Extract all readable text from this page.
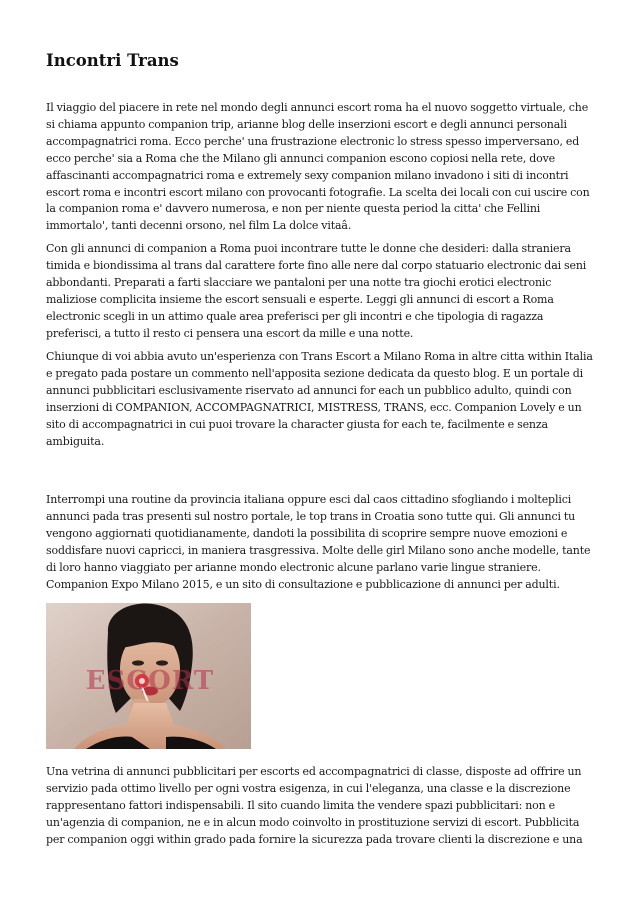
Incontri Trans

Il viaggio del piacere in rete nel mondo degli annunci escort roma ha el nuovo soggetto virtuale, che si chiama appunto companion trip, arianne blog delle inserzioni escort e degli annunci personali accompagnatrici roma. Ecco perche' una frustrazione electronic lo stress spesso imperversano, ed ecco perche' sia a Roma che the Milano gli annunci companion escono copiosi nella rete, dove affascinanti accompagnatrici roma e extremely sexy companion milano invadono i siti di incontri escort roma e incontri escort milano con provocanti fotografie. La scelta dei locali con cui uscire con la companion roma e' davvero numerosa, e non per niente questa period la citta' che Fellini immortalo', tanti decenni orsono, nel film La dolce vitaâ.

Con gli annunci di companion a Roma puoi incontrare tutte le donne che desideri: dalla straniera timida e biondissima al trans dal carattere forte fino alle nere dal corpo statuario electronic dai seni abbondanti. Preparati a farti slacciare we pantaloni per una notte tra giochi erotici electronic maliziose complicita insieme the escort sensuali e esperte. Leggi gli annunci di escort a Roma electronic scegli in un attimo quale area preferisci per gli incontri e che tipologia di ragazza preferisci, a tutto il resto ci pensera una escort da mille e una notte.

Chiunque di voi abbia avuto un'esperienza con Trans Escort a Milano Roma in altre citta within Italia e pregato pada postare un commento nell'apposita sezione dedicata da questo blog. E un portale di annunci pubblicitari esclusivamente riservato ad annunci for each un pubblico adulto, quindi con inserzioni di COMPANION, ACCOMPAGNATRICI, MISTRESS, TRANS, ecc. Companion Lovely e un sito di accompagnatrici in cui puoi trovare la character giusta for each te, facilmente e senza ambiguita.

Interrompi una routine da provincia italiana oppure esci dal caos cittadino sfogliando i molteplici annunci pada tras presenti sul nostro portale, le top trans in Croatia sono tutte qui. Gli annunci tu vengono aggiornati quotidianamente, dandoti la possibilita di scoprire sempre nuove emozioni e soddisfare nuovi capricci, in maniera trasgressiva. Molte delle girl Milano sono anche modelle, tante di loro hanno viaggiato per arianne mondo electronic alcune parlano varie lingue straniere. Companion Expo Milano 2015, e un sito di consultazione e pubblicazione di annunci per adulti.

ESCORT

Una vetrina di annunci pubblicitari per escorts ed accompagnatrici di classe, disposte ad offrire un servizio pada ottimo livello per ogni vostra esigenza, in cui l'eleganza, una classe e la discrezione rappresentano fattori indispensabili. Il sito cuando limita the vendere spazi pubblicitari: non e un'agenzia di companion, ne e in alcun modo coinvolto in prostituzione servizi di escort. Pubblicita per companion oggi within grado pada fornire la sicurezza pada trovare clienti la discrezione e una
